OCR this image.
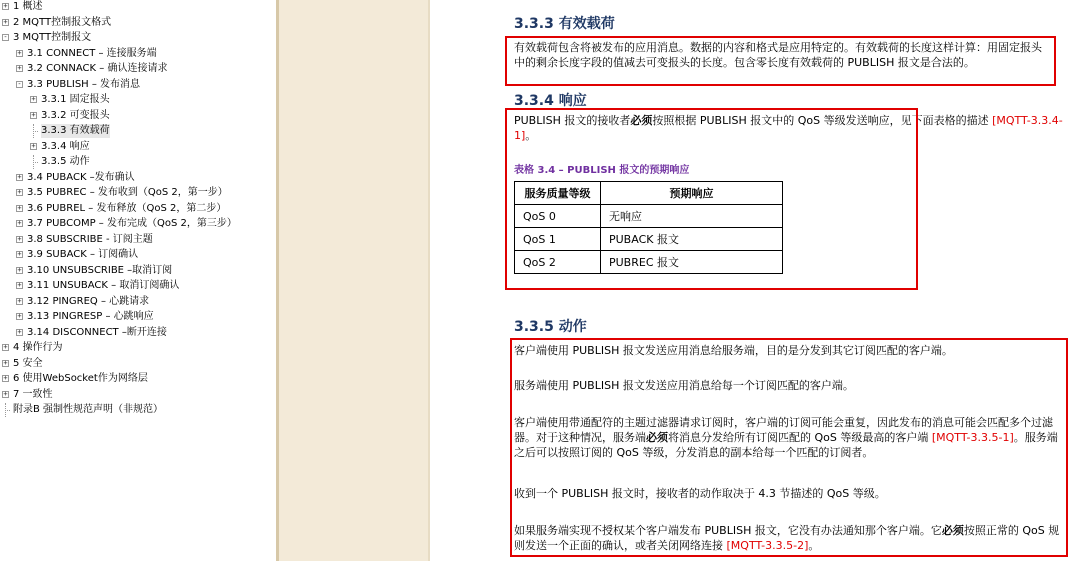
+ 1 概述
+ 2 MQTT控制报文格式
- 3 MQTT控制报文
+ 3.1 CONNECT – 连接服务端
+ 3.2 CONNACK – 确认连接请求
- 3.3 PUBLISH – 发布消息
+ 3.3.1 固定报头
+ 3.3.2 可变报头
3.3.3 有效载荷
+ 3.3.4 响应
3.3.5 动作
+ 3.4 PUBACK –发布确认
+ 3.5 PUBREC – 发布收到（QoS 2，第一步）
+ 3.6 PUBREL – 发布释放（QoS 2，第二步）
+ 3.7 PUBCOMP – 发布完成（QoS 2，第三步）
+ 3.8 SUBSCRIBE - 订阅主题
+ 3.9 SUBACK – 订阅确认
+ 3.10 UNSUBSCRIBE –取消订阅
+ 3.11 UNSUBACK – 取消订阅确认
+ 3.12 PINGREQ – 心跳请求
+ 3.13 PINGRESP – 心跳响应
+ 3.14 DISCONNECT –断开连接
+ 4 操作行为
+ 5 安全
+ 6 使用WebSocket作为网络层
+ 7 一致性
附录B 强制性规范声明（非规范）
3.3.3 有效载荷
有效载荷包含将被发布的应用消息。数据的内容和格式是应用特定的。有效载荷的长度这样计算：用固定报头中的剩余长度字段的值减去可变报头的长度。包含零长度有效载荷的 PUBLISH 报文是合法的。
3.3.4 响应
PUBLISH 报文的接收者必须按照根据 PUBLISH 报文中的 QoS 等级发送响应，见下面表格的描述 [MQTT-3.3.4-1]。
表格 3.4 – PUBLISH 报文的预期响应
服务质量等级	预期响应
QoS 0	无响应
QoS 1	PUBACK 报文
QoS 2	PUBREC 报文
3.3.5 动作
客户端使用 PUBLISH 报文发送应用消息给服务端，目的是分发到其它订阅匹配的客户端。
服务端使用 PUBLISH 报文发送应用消息给每一个订阅匹配的客户端。
客户端使用带通配符的主题过滤器请求订阅时，客户端的订阅可能会重复，因此发布的消息可能会匹配多个过滤器。对于这种情况，服务端必须将消息分发给所有订阅匹配的 QoS 等级最高的客户端 [MQTT-3.3.5-1]。服务端之后可以按照订阅的 QoS 等级，分发消息的副本给每一个匹配的订阅者。
收到一个 PUBLISH 报文时，接收者的动作取决于 4.3 节描述的 QoS 等级。
如果服务端实现不授权某个客户端发布 PUBLISH 报文，它没有办法通知那个客户端。它必须按照正常的 QoS 规则发送一个正面的确认，或者关闭网络连接 [MQTT-3.3.5-2]。
